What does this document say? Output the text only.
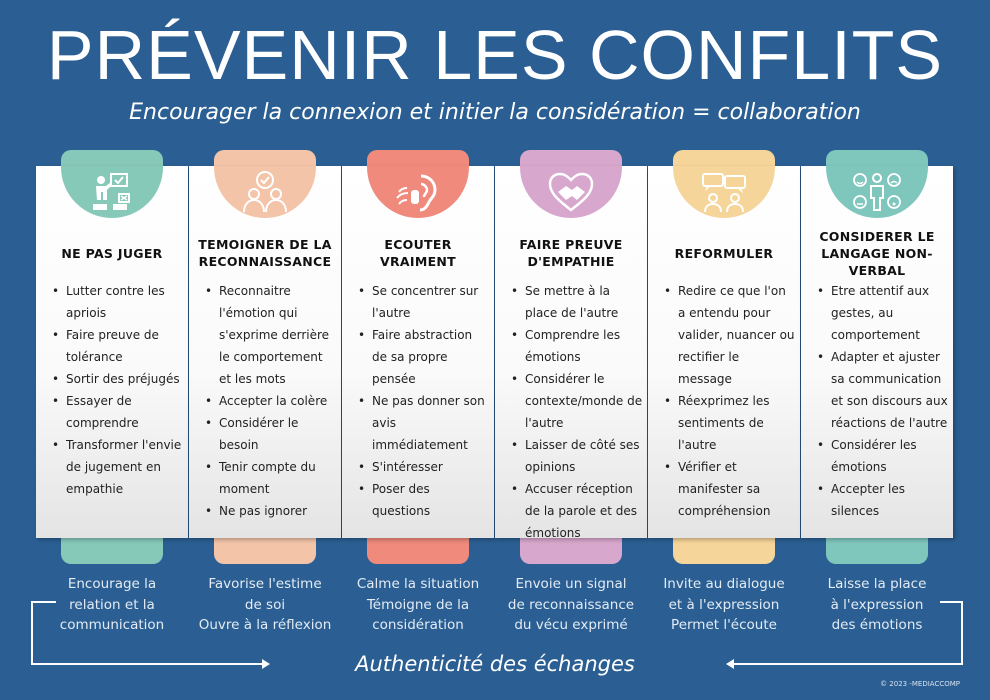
PRÉVENIR LES CONFLITS
Encourager la connexion et initier la considération = collaboration
NE PAS JUGER
• Lutter contre les apriois
• Faire preuve de tolérance
• Sortir des préjugés
• Essayer de comprendre
• Transformer l'envie de jugement en empathie
TEMOIGNER DE LA RECONNAISSANCE
• Reconnaitre l'émotion qui s'exprime derrière le comportement et les mots
• Accepter la colère
• Considérer le besoin
• Tenir compte du moment
• Ne pas ignorer
ECOUTER VRAIMENT
• Se concentrer sur l'autre
• Faire abstraction de sa propre pensée
• Ne pas donner son avis immédiatement
• S'intéresser
• Poser des questions
FAIRE PREUVE D'EMPATHIE
• Se mettre à la place de l'autre
• Comprendre les émotions
• Considérer le contexte/monde de l'autre
• Laisser de côté ses opinions
• Accuser réception de la parole et des émotions
REFORMULER
• Redire ce que l'on a entendu pour valider, nuancer ou rectifier le message
• Réexprimez les sentiments de l'autre
• Vérifier et manifester sa compréhension
CONSIDERER LE LANGAGE NON-VERBAL
• Etre attentif aux gestes, au comportement
• Adapter et ajuster sa communication et son discours aux réactions de l'autre
• Considérer les émotions
• Accepter les silences
Encourage la
relation et la
communication
Favorise l'estime
de soi
Ouvre à la réflexion
Calme la situation
Témoigne de la
considération
Envoie un signal
de reconnaissance
du vécu exprimé
Invite au dialogue
et à l'expression
Permet l'écoute
Laisse la place
à l'expression
des émotions
Authenticité des échanges
© 2023 -MEDIACCOMP
